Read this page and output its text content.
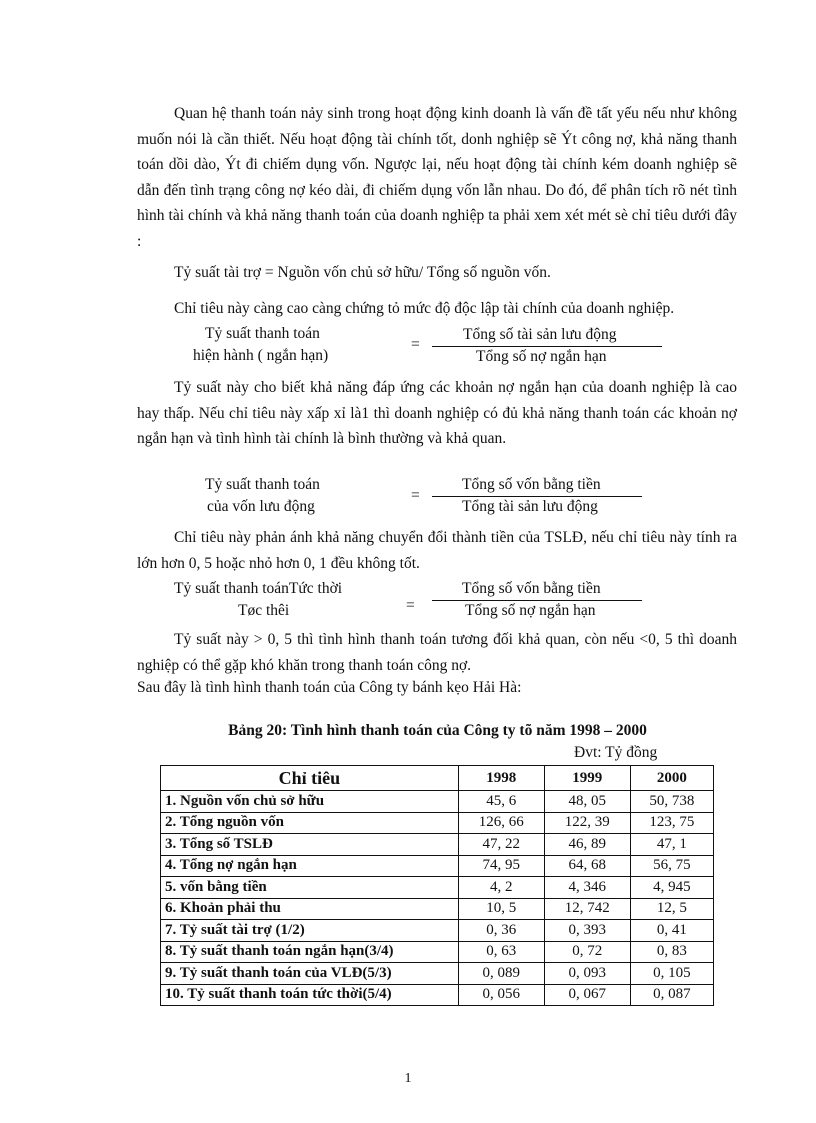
Quan hệ thanh toán nảy sinh trong hoạt động kinh doanh là vấn đề tất yếu nếu như không muốn nói là cần thiết. Nếu hoạt động tài chính tốt, donh nghiệp sẽ Ýt công nợ, khả năng thanh toán dồi dào, Ýt đi chiếm dụng vốn. Ngược lại, nếu hoạt động tài chính kém doanh nghiệp sẽ dẫn đến tình trạng công nợ kéo dài, đi chiếm dụng vốn lẫn nhau. Do đó, để phân tích rõ nét tình hình tài chính và khả năng thanh toán của doanh nghiệp ta phải xem xét mét sè chỉ tiêu dưới đây :

Tỷ suất tài trợ = Nguồn vốn chủ sở hữu/ Tổng số nguồn vốn.

Chỉ tiêu này càng cao càng chứng tỏ mức độ độc lập tài chính của doanh nghiệp.

Tỷ suất thanh toán
hiện hành ( ngắn hạn)
=
Tổng số tài sản lưu động
Tổng số nợ ngắn hạn

Tỷ suất này cho biết khả năng đáp ứng các khoản nợ ngắn hạn của doanh nghiệp là cao hay thấp. Nếu chỉ tiêu này xấp xỉ là1 thì doanh nghiệp có đủ khả năng thanh toán các khoản nợ ngắn hạn và tình hình tài chính là bình thường và khả quan.

Tỷ suất thanh toán
của vốn lưu động
=
Tổng số vốn bằng tiền
Tổng tài sản lưu động

Chỉ tiêu này phản ánh khả năng chuyển đổi thành tiền của TSLĐ, nếu chỉ tiêu này tính ra lớn hơn 0, 5 hoặc nhỏ hơn 0, 1 đều không tốt.

Tỷ suất thanh toánTức thời
Tøc thêi	=
Tổng số vốn bằng tiền
Tổng số nợ ngắn hạn

Tỷ suất này > 0, 5 thì tình hình thanh toán tương đối khả quan, còn nếu <0, 5 thì doanh nghiệp có thể gặp khó khăn trong thanh toán công nợ.

Sau đây là tình hình thanh toán của Công ty bánh kẹo Hải Hà:

Bảng 20: Tình hình thanh toán của Công ty tõ năm 1998 – 2000
Đvt: Tỷ đồng
Chỉ tiêu	1998	1999	2000
1. Nguồn vốn chủ sở hữu	45, 6	48, 05	50, 738
2. Tổng nguồn vốn	126, 66	122, 39	123, 75
3. Tổng số TSLĐ	47, 22	46, 89	47, 1
4. Tổng nợ ngắn hạn	74, 95	64, 68	56, 75
5. vốn bằng tiền	4, 2	4, 346	4, 945
6. Khoản phải thu	10, 5	12, 742	12, 5
7. Tỷ suất tài trợ (1/2)	0, 36	0, 393	0, 41
8. Tỷ suất thanh toán ngắn hạn(3/4)	0, 63	0, 72	0, 83
9. Tỷ suất thanh toán của VLĐ(5/3)	0, 089	0, 093	0, 105
10. Tỷ suất thanh toán tức thời(5/4)	0, 056	0, 067	0, 087
1
